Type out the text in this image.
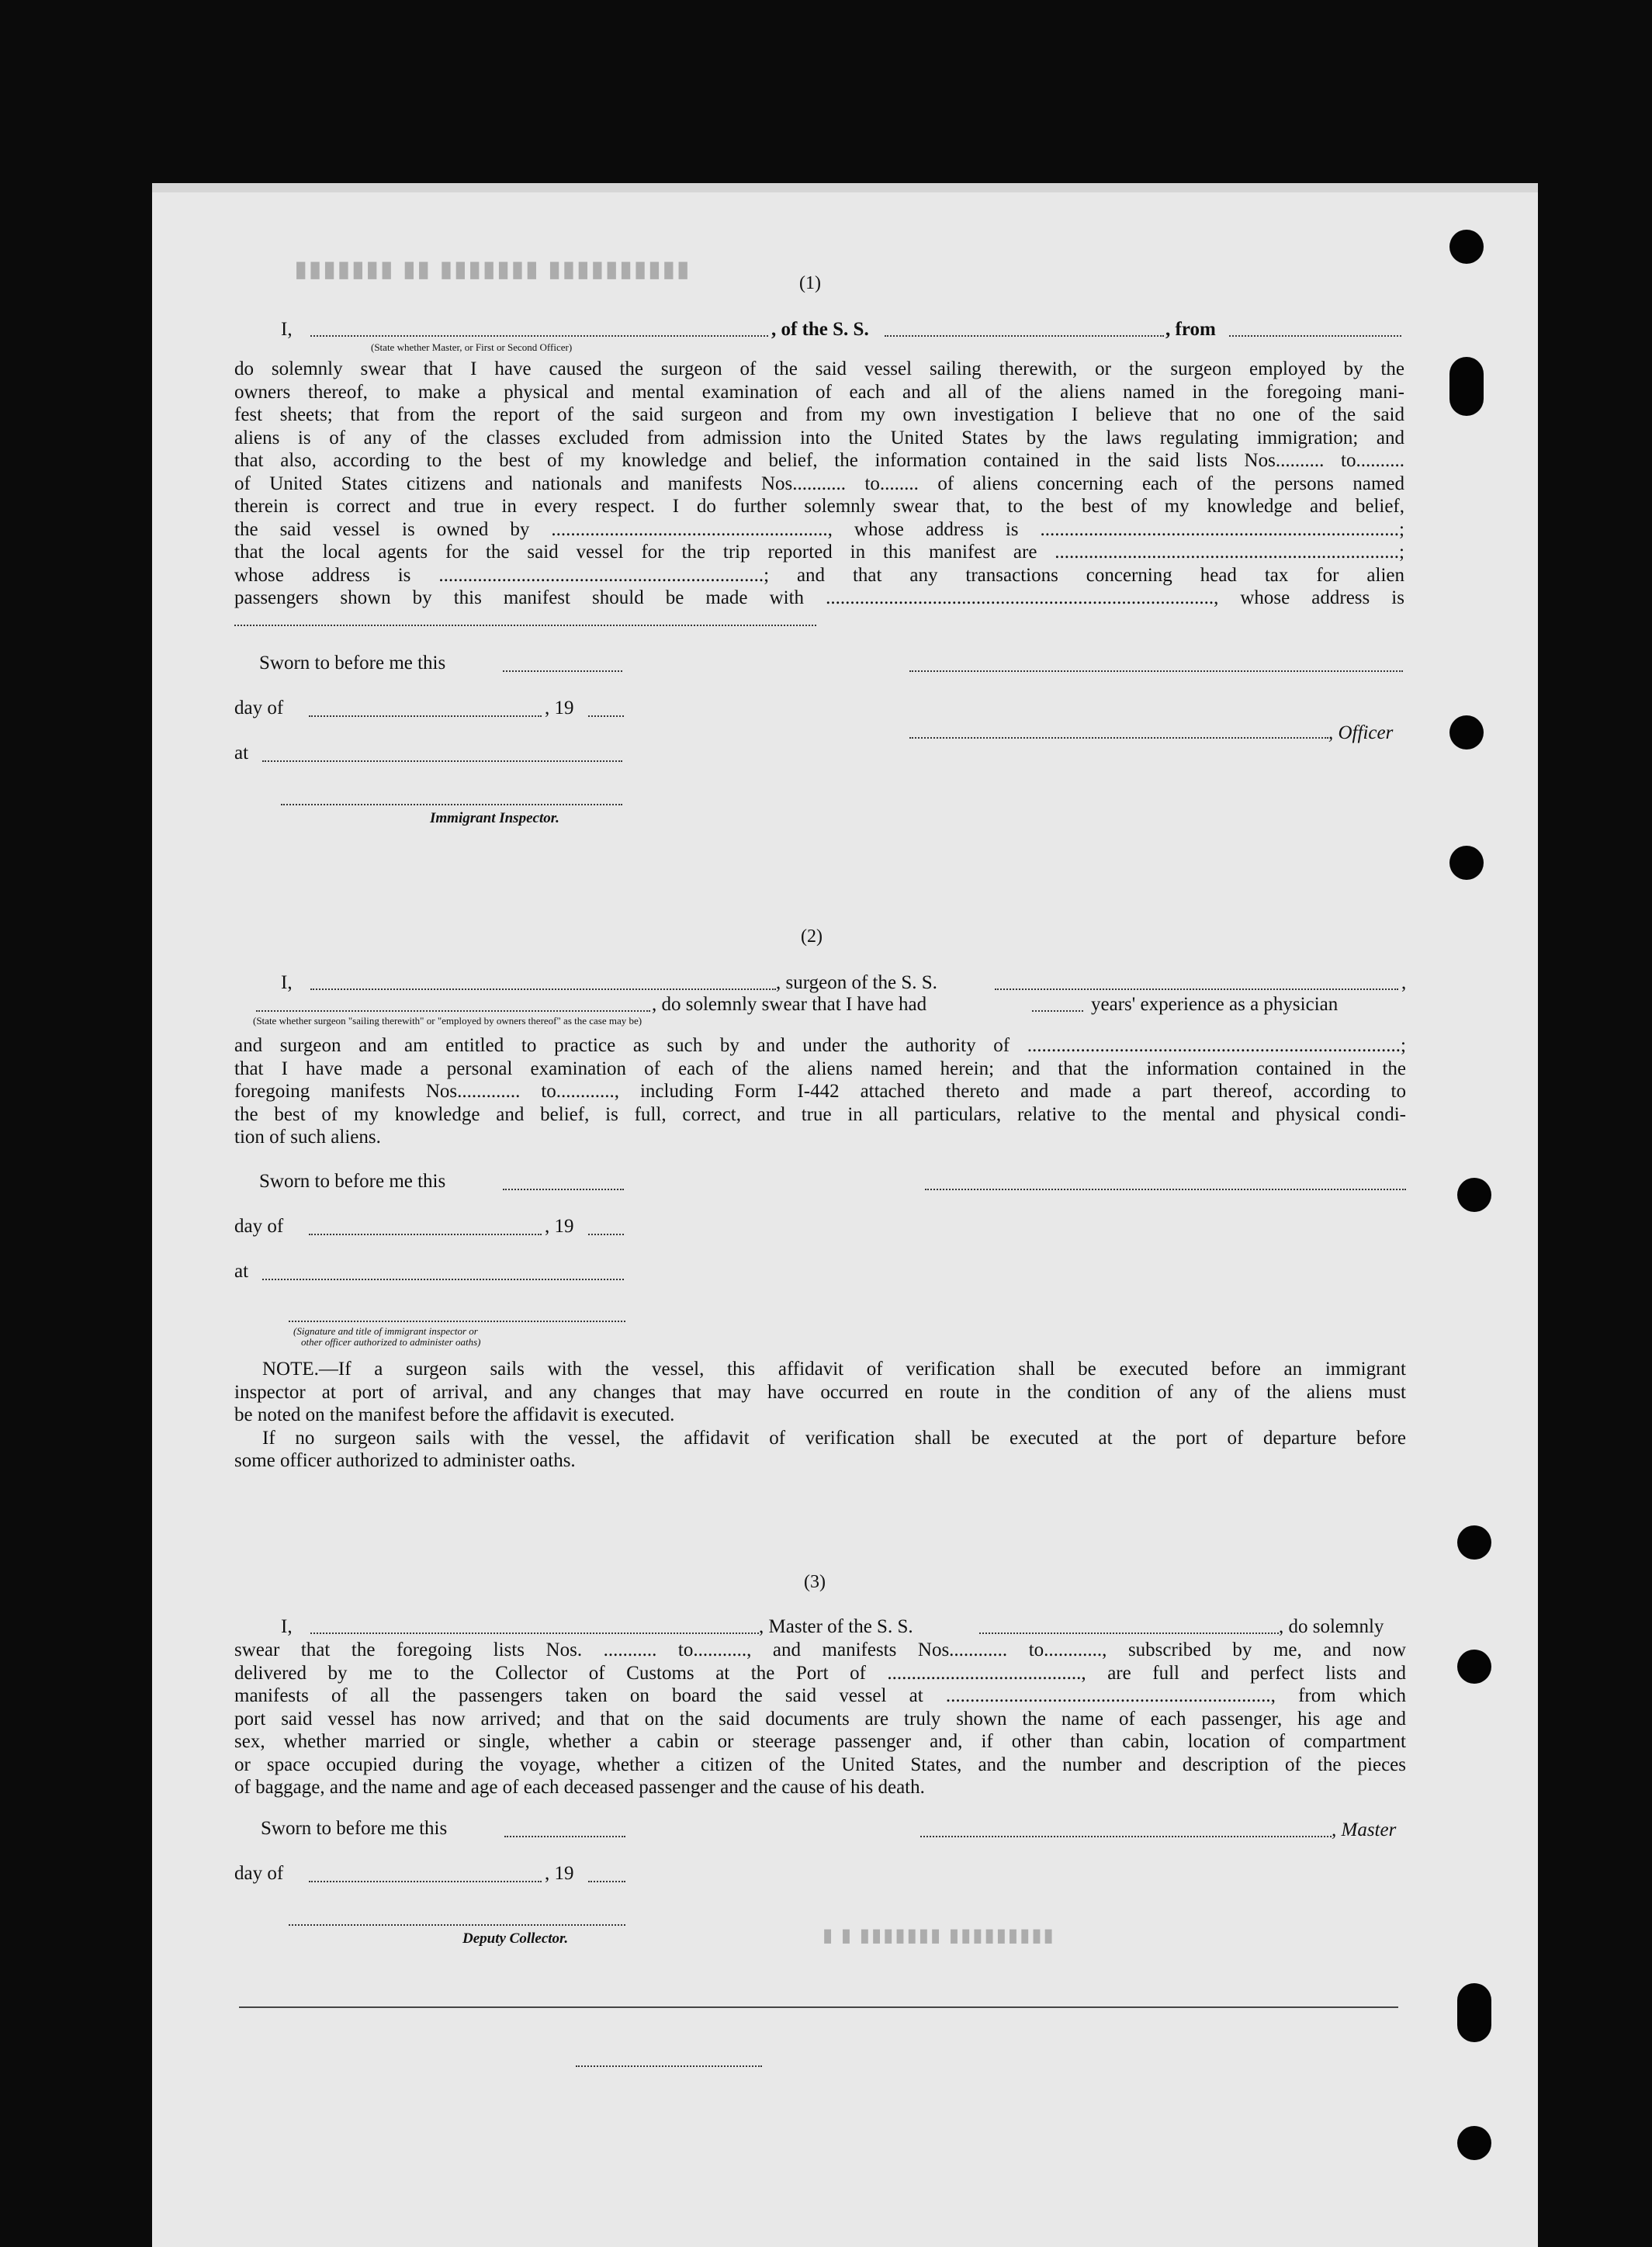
▮▮▮▮▮▮▮ ▮▮ ▮▮▮▮▮▮▮ ▮▮▮▮▮▮▮▮▮▮
▮ ▮ ▮▮▮▮▮▮▮ ▮▮▮▮▮▮▮▮▮
(1)
I,	, of the S. S.	, from
(State whether Master, or First or Second Officer)
do solemnly swear that I have caused the surgeon of the said vessel sailing therewith, or the surgeon employed by the
owners thereof, to make a physical and mental examination of each and all of the aliens named in the foregoing mani-
fest sheets; that from the report of the said surgeon and from my own investigation I believe that no one of the said
aliens is of any of the classes excluded from admission into the United States by the laws regulating immigration; and
that also, according to the best of my knowledge and belief, the information contained in the said lists Nos.......... to..........
of United States citizens and nationals and manifests Nos........... to........ of aliens concerning each of the persons named
therein is correct and true in every respect. I do further solemnly swear that, to the best of my knowledge and belief,
the said vessel is owned by ........................................................., whose address is ..........................................................................;
that the local agents for the said vessel for the trip reported in this manifest are .......................................................................;
whose address is ...................................................................; and that any transactions concerning head tax for alien
passengers shown by this manifest should be made with ................................................................................, whose address is
Sworn to before me this
day of	, 19
at
, Officer
Immigrant Inspector.
(2)
I,	, surgeon of the S. S.	,
, do solemnly swear that I have had	years' experience as a physician
(State whether surgeon "sailing therewith" or "employed by owners thereof" as the case may be)
and surgeon and am entitled to practice as such by and under the authority of .............................................................................;
that I have made a personal examination of each of the aliens named herein; and that the information contained in the
foregoing manifests Nos............. to............, including Form I-442 attached thereto and made a part thereof, according to
the best of my knowledge and belief, is full, correct, and true in all particulars, relative to the mental and physical condi-
tion of such aliens.
Sworn to before me this
day of	, 19
at
(Signature and title of immigrant inspector or
other officer authorized to administer oaths)
NOTE.—If a surgeon sails with the vessel, this affidavit of verification shall be executed before an immigrant
inspector at port of arrival, and any changes that may have occurred en route in the condition of any of the aliens must
be noted on the manifest before the affidavit is executed.
If no surgeon sails with the vessel, the affidavit of verification shall be executed at the port of departure before
some officer authorized to administer oaths.
(3)
I,	, Master of the S. S.	, do solemnly
swear that the foregoing lists Nos. ........... to..........., and manifests Nos............ to............, subscribed by me, and now
delivered by me to the Collector of Customs at the Port of ........................................, are full and perfect lists and
manifests of all the passengers taken on board the said vessel at ..................................................................., from which
port said vessel has now arrived; and that on the said documents are truly shown the name of each passenger, his age and
sex, whether married or single, whether a cabin or steerage passenger and, if other than cabin, location of compartment
or space occupied during the voyage, whether a citizen of the United States, and the number and description of the pieces
of baggage, and the name and age of each deceased passenger and the cause of his death.
Sworn to before me this	, Master
day of	, 19
Deputy Collector.
